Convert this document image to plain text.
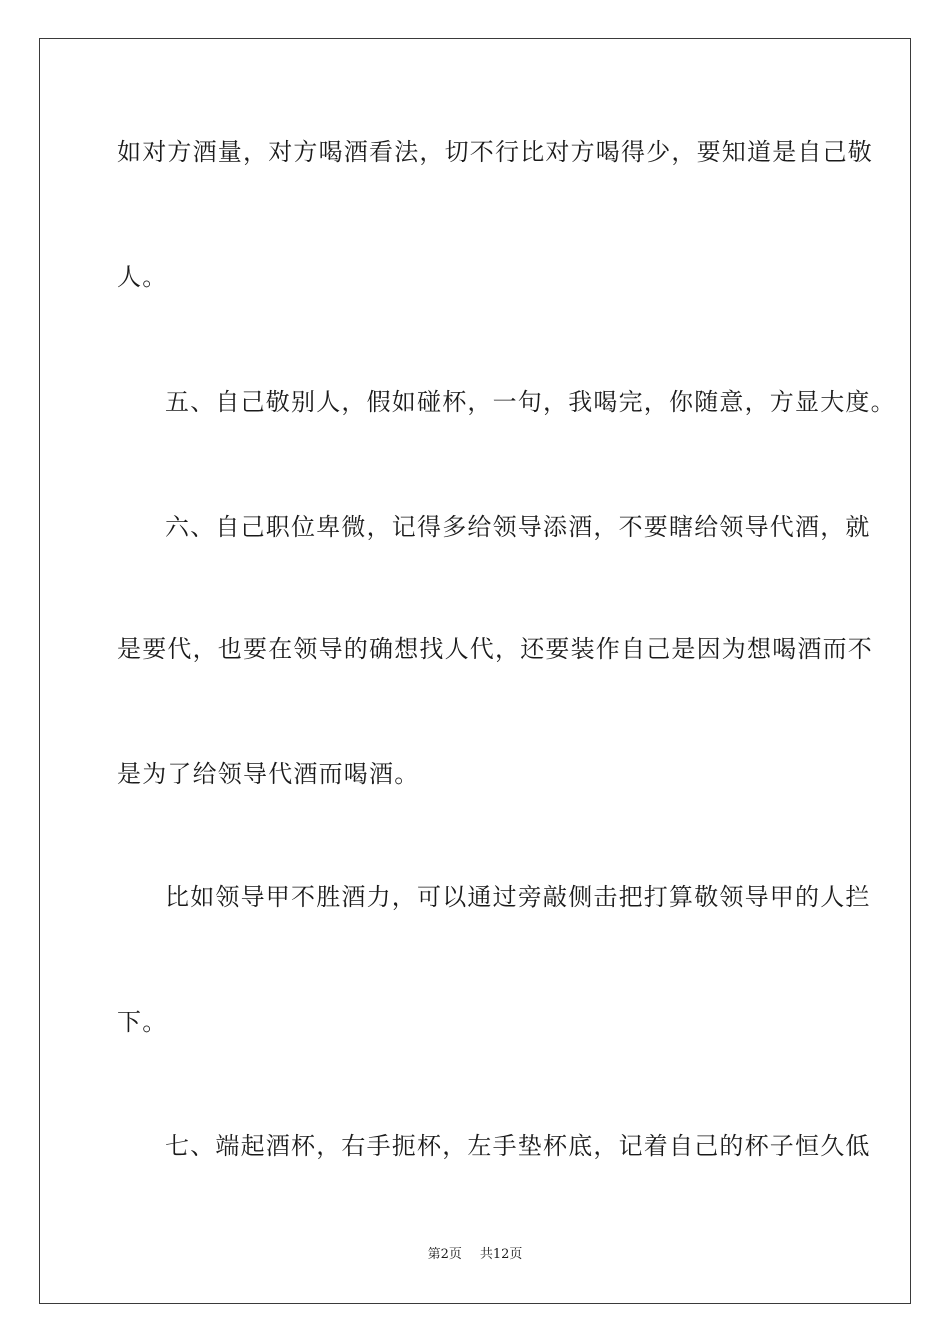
如对方酒量，对方喝酒看法，切不行比对方喝得少，要知道是自己敬
人。
五、自己敬别人，假如碰杯，一句，我喝完，你随意，方显大度。
六、自己职位卑微，记得多给领导添酒，不要瞎给领导代酒，就
是要代，也要在领导的确想找人代，还要装作自己是因为想喝酒而不
是为了给领导代酒而喝酒。
比如领导甲不胜酒力，可以通过旁敲侧击把打算敬领导甲的人拦
下。
七、端起酒杯，右手扼杯，左手垫杯底，记着自己的杯子恒久低
第2页 共12页
